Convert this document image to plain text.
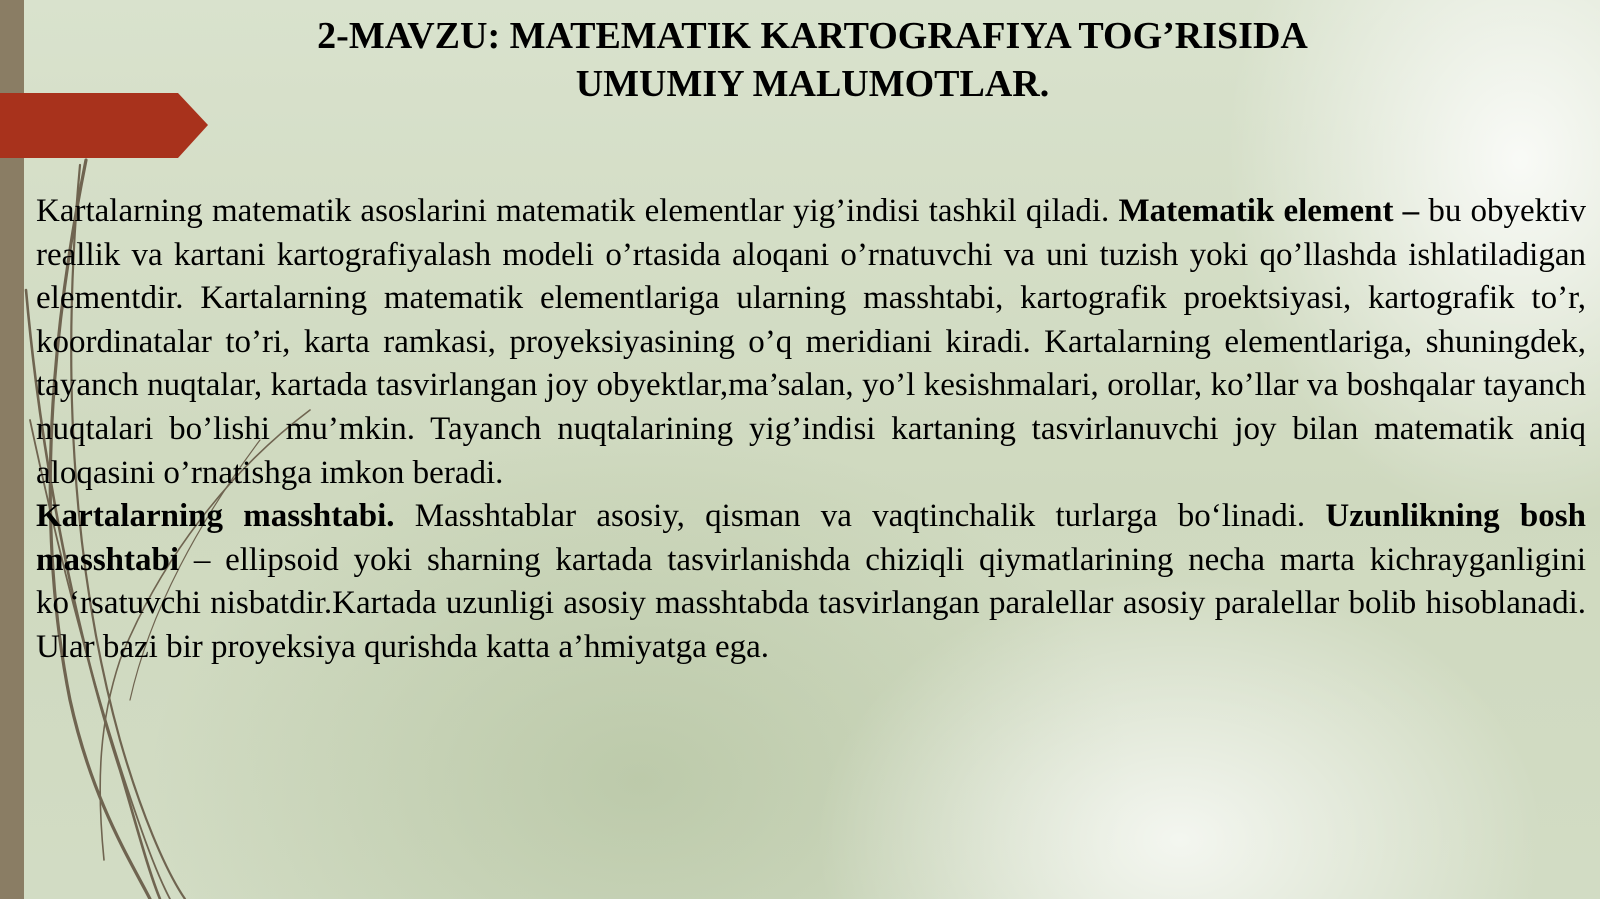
2-MAVZU: MATEMATIK KARTOGRAFIYA TOG’RISIDA
UMUMIY MALUMOTLAR.

Kartalarning matematik asoslarini matematik elementlar yig’indisi tashkil qiladi. Matematik element – bu obyektiv reallik va kartani kartografiyalash modeli o’rtasida aloqani o’rnatuvchi va uni tuzish yoki qo’llashda ishlatiladigan elementdir. Kartalarning matematik elementlariga ularning masshtabi, kartografik proektsiyasi, kartografik to’r, koordinatalar to’ri, karta ramkasi, proyeksiyasining o’q meridiani kiradi. Kartalarning elementlariga, shuningdek, tayanch nuqtalar, kartada tasvirlangan joy obyektlar,ma’salan, yo’l kesishmalari, orollar, ko’llar va boshqalar tayanch nuqtalari bo’lishi mu’mkin. Tayanch nuqtalarining yig’indisi kartaning tasvirlanuvchi joy bilan matematik aniq aloqasini o’rnatishga imkon beradi.

Kartalarning masshtabi. Masshtablar asosiy, qisman va vaqtinchalik turlarga bo‘linadi. Uzunlikning bosh masshtabi – ellipsoid yoki sharning kartada tasvirlanishda chiziqli qiymatlarining necha marta kichrayganligini ko‘rsatuvchi nisbatdir.Kartada uzunligi asosiy masshtabda tasvirlangan paralellar asosiy paralellar bolib hisoblanadi. Ular bazi bir proyeksiya qurishda katta a’hmiyatga ega.
